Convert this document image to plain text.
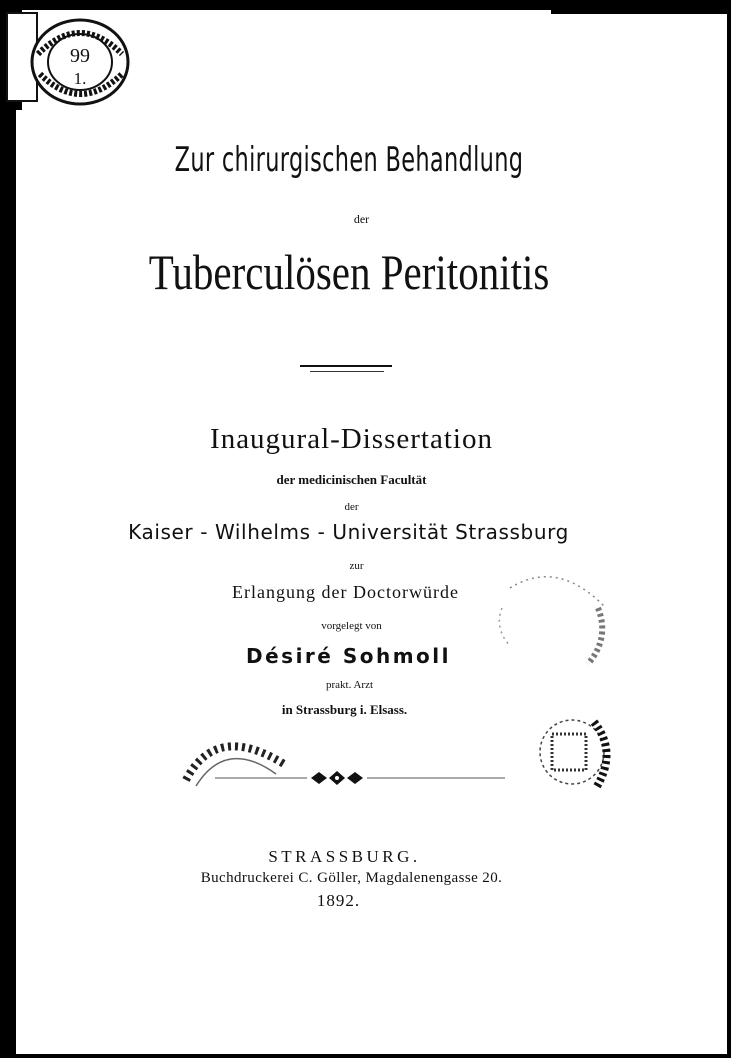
99
1.
Zur chirurgischen Behandlung
der
Tuberculösen Peritonitis
Inaugural-Dissertation
der medicinischen Facultät
der
Kaiser - Wilhelms - Universität Strassburg
zur
Erlangung der Doctorwürde
vorgelegt von
Désiré Sohmoll
prakt. Arzt
in Strassburg i. Elsass.
STRASSBURG.
Buchdruckerei C. Göller, Magdalenengasse 20.
1892.
